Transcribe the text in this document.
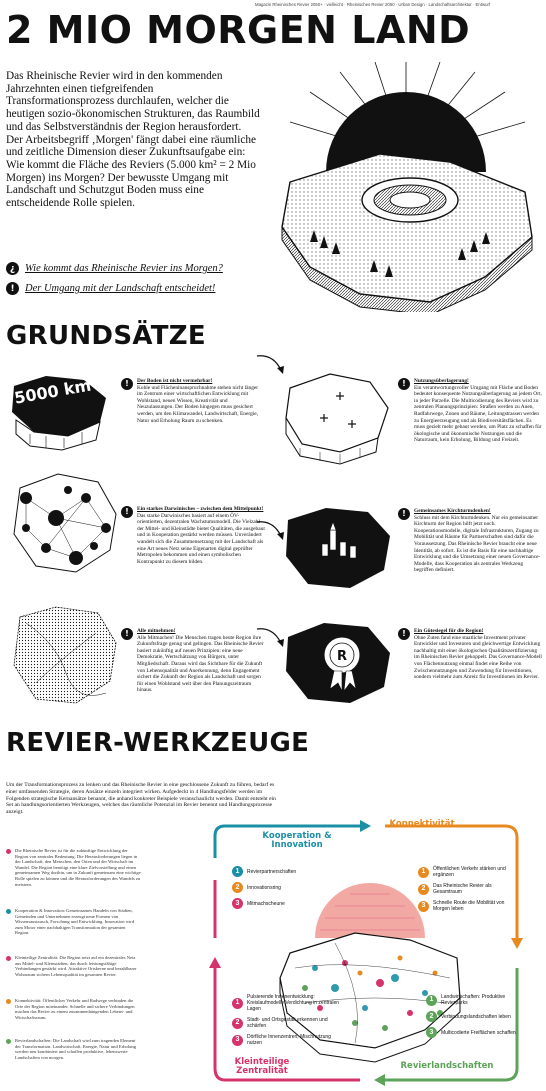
Magazin Rheinisches Revier 2050+ · vielleicht · Rheinisches Revier 2050 · Urban Design · Landschaftsarchitektur · Entwurf
2 MIO MORGEN LAND
Das Rheinische Revier wird in den kommenden Jahrzehnten einen tiefgreifenden Transformationsprozess durchlaufen, welcher die heutigen sozio-ökonomischen Strukturen, das Raumbild und das Selbstverständnis der Region herausfordert. Der Arbeitsbegriff ‚Morgen' fängt dabei eine räumliche und zeitliche Dimension dieser Zukunftsaufgabe ein: Wie kommt die Fläche des Reviers (5.000 km² = 2 Mio Morgen) ins Morgen? Der bewusste Umgang mit Landschaft und Schutzgut Boden muss eine entscheidende Rolle spielen.
¿ Wie kommt das Rheinische Revier ins Morgen?
! Der Umgang mit der Landschaft entscheidet!
GRUNDSÄTZE
5000 km²
R
!	Der Boden ist nicht vermehrbar!
Kohle und Flächeninanspruchnahme stehen nicht länger im Zentrum einer wirtschaftlichen Entwicklung mit Wohlstand, neuen Wissen, Kreativität und Neuzulassungen. Der Boden hingegen muss gesichert werden, um den Klimawandel, Landwirtschaft, Energie, Natur und Erholung Raum zu schenken.
!	Nutzungsüberlagerung!
Ein verantwortungsvoller Umgang mit Fläche und Boden bedeutet konsequente Nutzungsüberlagerung an jedem Ort, in jeder Parzelle. Die Multicodierung des Reviers wird zu zentralen Planungsprinzipien: Straßen werden zu Auen, Radfahrwege, Zonen und Bäume, Leitungstrassen werden zu Energieerzeugung und als Biodiversitätsflächen. Es muss gezielt mehr gebaut werden, um Platz zu schaffen für ökologische und ökonomische Nutzungen und die Naturraum, kein Erholung, Bildung und Freizeit.
!	Ein starkes Darwinisches – zwischen dem Mittelpunkt!
Das starke Darwinisches basiert auf einem ÖV-orientierten, dezentralen Wachstumsmodell. Die Vielzahl der Mittel- und Kleinstädte bietet Qualitäten, die ausgebaut und in Kooperation gestärkt werden müssen. Unverändert wandelt sich die Zusammensetzung mit der Landschaft als eine Art neues Netz seine Eigenarten digital geprüfter Metropolen bekommen und einen symbolischen Kontrapunkt zu diesem bilden.
!	Gemeinsames Kirchturmdenken!
Schluss mit dem Kirchturmdenken. Nur ein gemeinsamer Kirchturm der Region hilft jetzt noch. Kooperationsmodelle, digitale Infrastrukturen, Zugang zu Mobilität und Räume für Partnerschaften sind dafür die Voraussetzung. Das Rheinische Revier braucht eine neue Identität, ab sofort. Es ist die Basis für eine nachhaltige Entwicklung und die Umsetzung einer neuen Governance-Modelle, dass Kooperation als zentrales Werkzeug begriffen definiert.
!	Alle mitnehmen!
Alle Mitmachen! Die Menschen tragen heute Region ihre Zukunftsfrage genug und gelingen. Das Rheinische Revier basiert zukünftig auf neuen Prinzipien: eine neue Demokratie, Wertschätzung von Bürgern, unter Mitgliedschaft. Daraus wird das Sichtbare für die Zukunft von Lebensqualität und Anerkennung, denn Engagement sichert die Zukunft der Region als Landschaft und sorgen für einen Wohlstand weit über den Planungszeitraum hinaus.
!	Ein Gütesiegel für die Region!
Ohne Zuten fand eine staatliche Investment privater Entwickler und Investoren und gleichwertige Entwicklung nachhaltig mit einer ökologischen Qualitätszertifizierung im Rheinischen Revier gekoppelt. Das Governance-Modell von Flächennutzung einmal findet eine Reihe von Zwischennutzungen und Zuwendung für Investitionen, sondern vielmehr zum Anreiz für Investitionen im Revier.
REVIER-WERKZEUGE
Um der Transformationsprozess zu lenken und das Rheinische Revier in eine geschlossene Zukunft zu führen, bedarf es einer umfassenden Strategie, deren Ansätze einzeln integriert wirken. Aufgedeckt in 4 Handlungsfelder werden im Folgenden strategische Kernansätze benannt, die anhand konkreter Beispiele veranschaulicht werden. Damit entsteht ein Set an handlungsorientierten Werkzeugen, welches das räumliche Potenzial im Revier benennt und Handlungsprozesse anzeigt.
Die Rheinische Revier ist für die zukünftige Entwicklung der Region von zentraler Bedeutung. Die Herausforderungen liegen in der Landschaft, den Menschen, den Orten und der Wirtschaft im Wandel. Die Region benötigt eine klare Zielvorstellung und einen gemeinsamen Weg dorthin, um in Zukunft gemeinsam eine wichtige Rolle spielen zu können und die Herausforderungen des Wandels zu meistern.
Kooperation & Innovation: Gemeinsames Handeln von Städten, Gemeinden und Unternehmen erzeugt neue Formen von Wissensaustausch, Forschung und Entwicklung. Innovation wird zum Motor einer nachhaltigen Transformation der gesamten Region.
Kleinteilige Zentralität: Die Region setzt auf ein dezentrales Netz aus Mittel- und Kleinstädten, das durch leistungsfähige Verbindungen gestärkt wird. Attraktive Ortskerne und bezahlbarer Wohnraum sichern Lebensqualität im gesamten Revier.
Konnektivität: Öffentlicher Verkehr und Radwege verbinden die Orte der Region miteinander. Schnelle und sichere Verbindungen machen das Revier zu einem zusammenhängenden Lebens- und Wirtschaftsraum.
Revierlandschaften: Die Landschaft wird zum tragenden Element der Transformation. Landwirtschaft, Energie, Natur und Erholung werden neu kombiniert und schaffen produktive, lebenswerte Landschaften von morgen.
Kooperation & Innovation
Konnektivität
Kleinteilige Zentralität	Revierlandschaften
1	Revierpartnerschaften
2	Innovationsring
3	Mitmachscheune
1	Öffentlichen Verkehr stärken und ergänzen
2	Das Rheinische Revier als Gesamtraum
3	Schnelle Route die Mobilität von Morgen leben
1
Pulsierende Innenentwicklung: Kreislaufmodelle Verdichtung in zentralen Lagen
2	Stadt- und Ortsgestalt erkennen und schärfen
3	Dörfliche Innenzentren, Mischnutzung nutzen
1	Landwirtschaften: Produktive Revierparks
2	Verbindungslandschaften leben
3	Multicodierte Freiflächen schaffen
